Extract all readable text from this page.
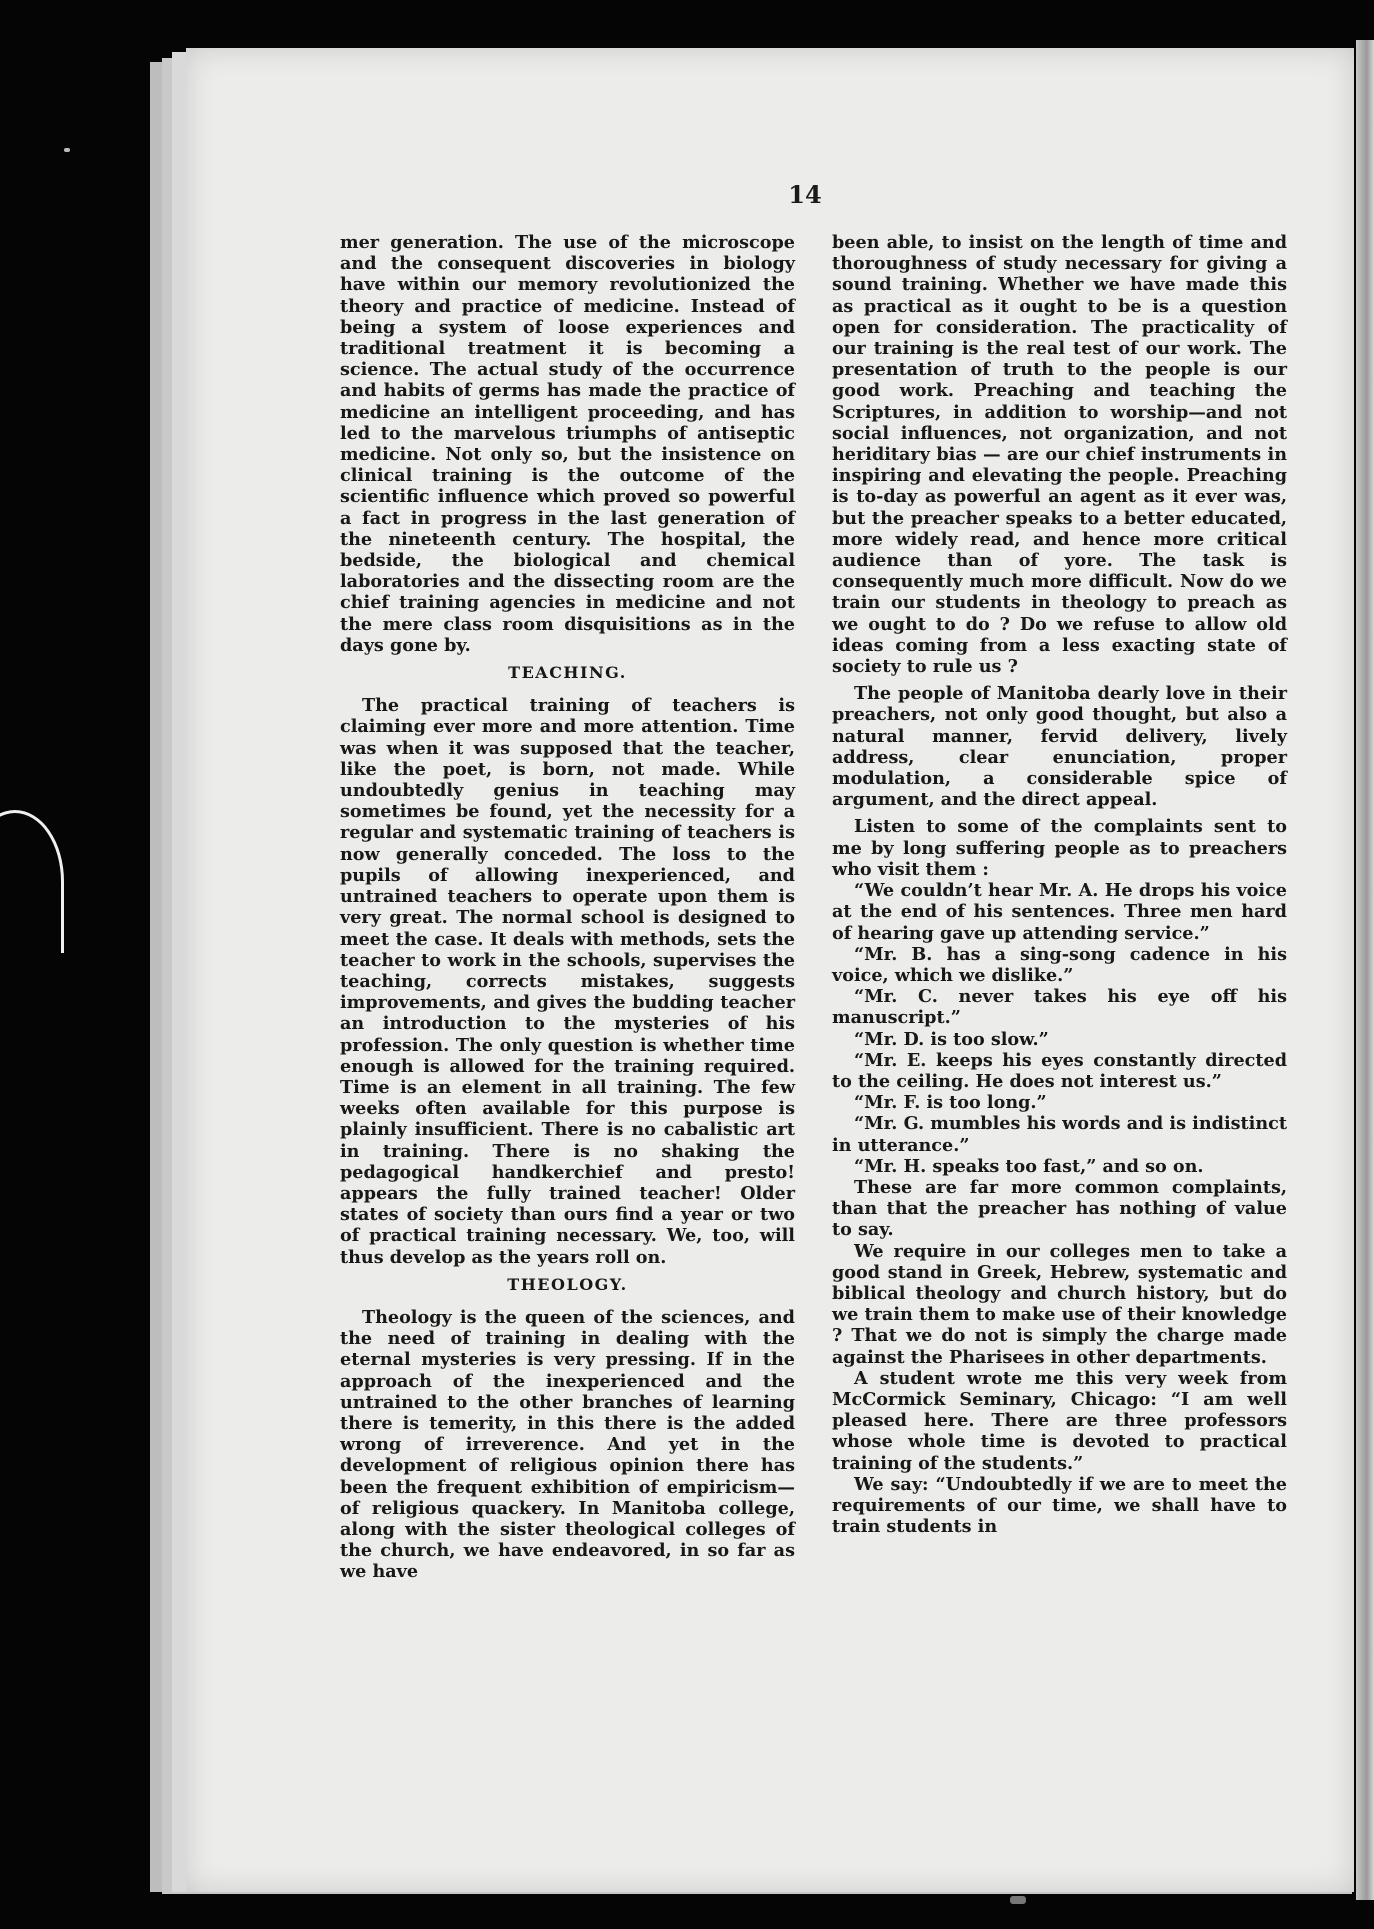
14

mer generation. The use of the microscope and the consequent discoveries in biology have within our memory revolutionized the theory and practice of medicine. Instead of being a system of loose experiences and traditional treatment it is becoming a science. The actual study of the occurrence and habits of germs has made the practice of medicine an intelligent proceeding, and has led to the marvelous triumphs of antiseptic medicine. Not only so, but the insistence on clinical training is the outcome of the scientific influence which proved so powerful a fact in progress in the last generation of the nineteenth century. The hospital, the bedside, the biological and chemical laboratories and the dissecting room are the chief training agencies in medicine and not the mere class room disquisitions as in the days gone by.

TEACHING.

The practical training of teachers is claiming ever more and more attention. Time was when it was supposed that the teacher, like the poet, is born, not made. While undoubtedly genius in teaching may sometimes be found, yet the necessity for a regular and systematic training of teachers is now generally conceded. The loss to the pupils of allowing inexperienced, and untrained teachers to operate upon them is very great. The normal school is designed to meet the case. It deals with methods, sets the teacher to work in the schools, supervises the teaching, corrects mistakes, suggests improvements, and gives the budding teacher an introduction to the mysteries of his profession. The only question is whether time enough is allowed for the training required. Time is an element in all training. The few weeks often available for this purpose is plainly insufficient. There is no cabalistic art in training. There is no shaking the pedagogical handkerchief and presto! appears the fully trained teacher! Older states of society than ours find a year or two of practical training necessary. We, too, will thus develop as the years roll on.

THEOLOGY.

Theology is the queen of the sciences, and the need of training in dealing with the eternal mysteries is very pressing. If in the approach of the inexperienced and the untrained to the other branches of learning there is temerity, in this there is the added wrong of irreverence. And yet in the development of religious opinion there has been the frequent exhibition of empiricism—of religious quackery. In Manitoba college, along with the sister theological colleges of the church, we have endeavored, in so far as we have

been able, to insist on the length of time and thoroughness of study necessary for giving a sound training. Whether we have made this as practical as it ought to be is a question open for consideration. The practicality of our training is the real test of our work. The presentation of truth to the people is our good work. Preaching and teaching the Scriptures, in addition to worship—and not social influences, not organization, and not heriditary bias — are our chief instruments in inspiring and elevating the people. Preaching is to-day as powerful an agent as it ever was, but the preacher speaks to a better educated, more widely read, and hence more critical audience than of yore. The task is consequently much more difficult. Now do we train our students in theology to preach as we ought to do ? Do we refuse to allow old ideas coming from a less exacting state of society to rule us ?

The people of Manitoba dearly love in their preachers, not only good thought, but also a natural manner, fervid delivery, lively address, clear enunciation, proper modulation, a considerable spice of argument, and the direct appeal.

Listen to some of the complaints sent to me by long suffering people as to preachers who visit them :

“We couldn’t hear Mr. A. He drops his voice at the end of his sentences. Three men hard of hearing gave up attending service.”

“Mr. B. has a sing-song cadence in his voice, which we dislike.”

“Mr. C. never takes his eye off his manuscript.”

“Mr. D. is too slow.”

“Mr. E. keeps his eyes constantly directed to the ceiling. He does not interest us.”

“Mr. F. is too long.”

“Mr. G. mumbles his words and is indistinct in utterance.”

“Mr. H. speaks too fast,” and so on.

These are far more common complaints, than that the preacher has nothing of value to say.

We require in our colleges men to take a good stand in Greek, Hebrew, systematic and biblical theology and church history, but do we train them to make use of their knowledge ? That we do not is simply the charge made against the Pharisees in other departments.

A student wrote me this very week from McCormick Seminary, Chicago: “I am well pleased here. There are three professors whose whole time is devoted to practical training of the students.”

We say: “Undoubtedly if we are to meet the requirements of our time, we shall have to train students in
